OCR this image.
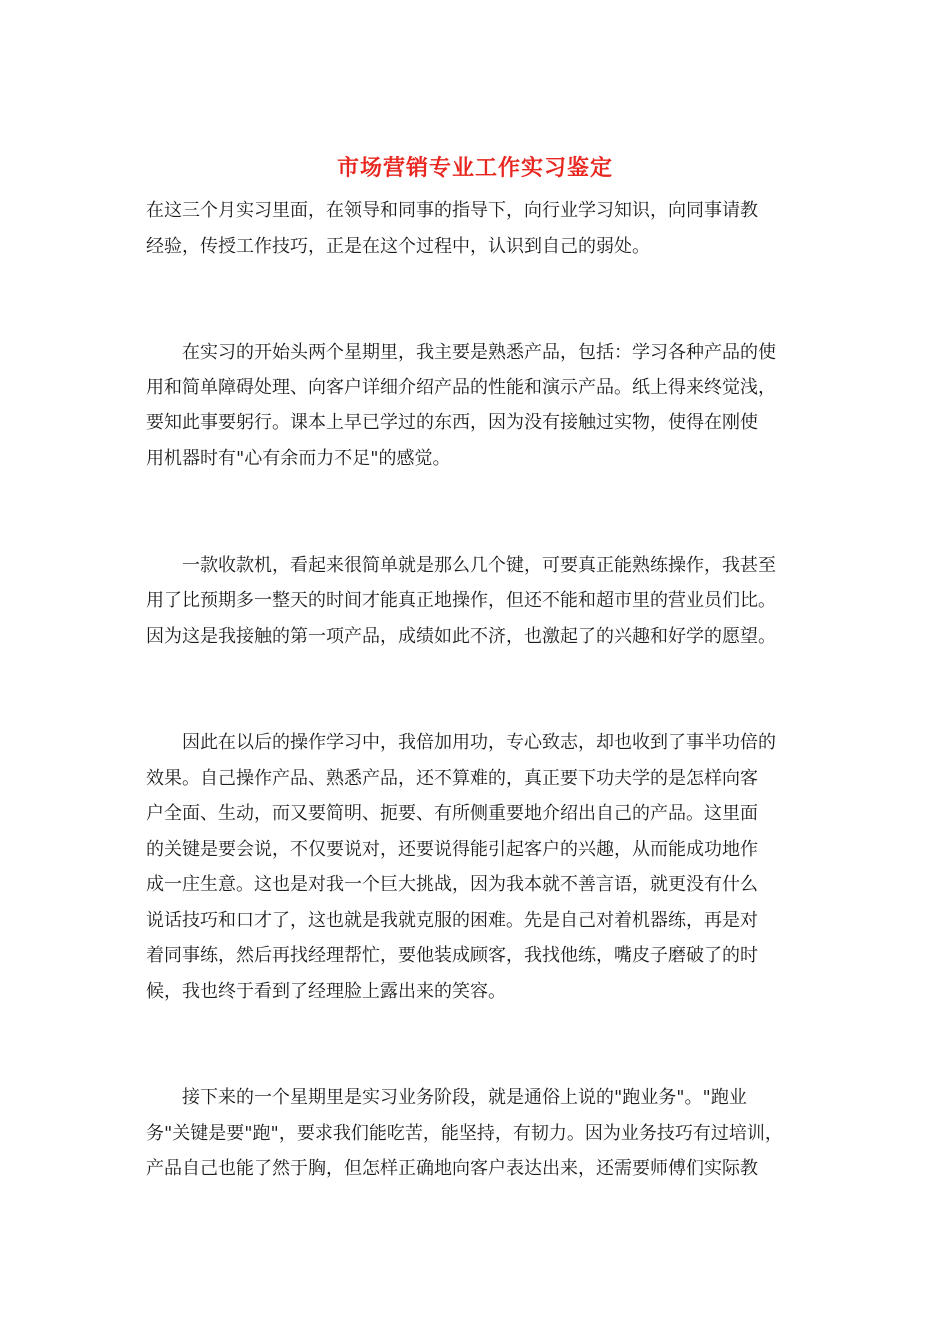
市场营销专业工作实习鉴定
在这三个月实习里面，在领导和同事的指导下，向行业学习知识，向同事请教
经验，传授工作技巧，正是在这个过程中，认识到自己的弱处。
　　在实习的开始头两个星期里，我主要是熟悉产品，包括：学习各种产品的使
用和简单障碍处理、向客户详细介绍产品的性能和演示产品。纸上得来终觉浅，
要知此事要躬行。课本上早已学过的东西，因为没有接触过实物，使得在刚使
用机器时有"心有余而力不足"的感觉。
　　一款收款机，看起来很简单就是那么几个键，可要真正能熟练操作，我甚至
用了比预期多一整天的时间才能真正地操作，但还不能和超市里的营业员们比。
因为这是我接触的第一项产品，成绩如此不济，也激起了的兴趣和好学的愿望。
　　因此在以后的操作学习中，我倍加用功，专心致志，却也收到了事半功倍的
效果。自己操作产品、熟悉产品，还不算难的，真正要下功夫学的是怎样向客
户全面、生动，而又要简明、扼要、有所侧重要地介绍出自己的产品。这里面
的关键是要会说，不仅要说对，还要说得能引起客户的兴趣，从而能成功地作
成一庄生意。这也是对我一个巨大挑战，因为我本就不善言语，就更没有什么
说话技巧和口才了，这也就是我就克服的困难。先是自己对着机器练，再是对
着同事练，然后再找经理帮忙，要他装成顾客，我找他练，嘴皮子磨破了的时
候，我也终于看到了经理脸上露出来的笑容。
　　接下来的一个星期里是实习业务阶段，就是通俗上说的"跑业务"。"跑业
务"关键是要"跑"，要求我们能吃苦，能坚持，有韧力。因为业务技巧有过培训，
产品自己也能了然于胸，但怎样正确地向客户表达出来，还需要师傅们实际教
